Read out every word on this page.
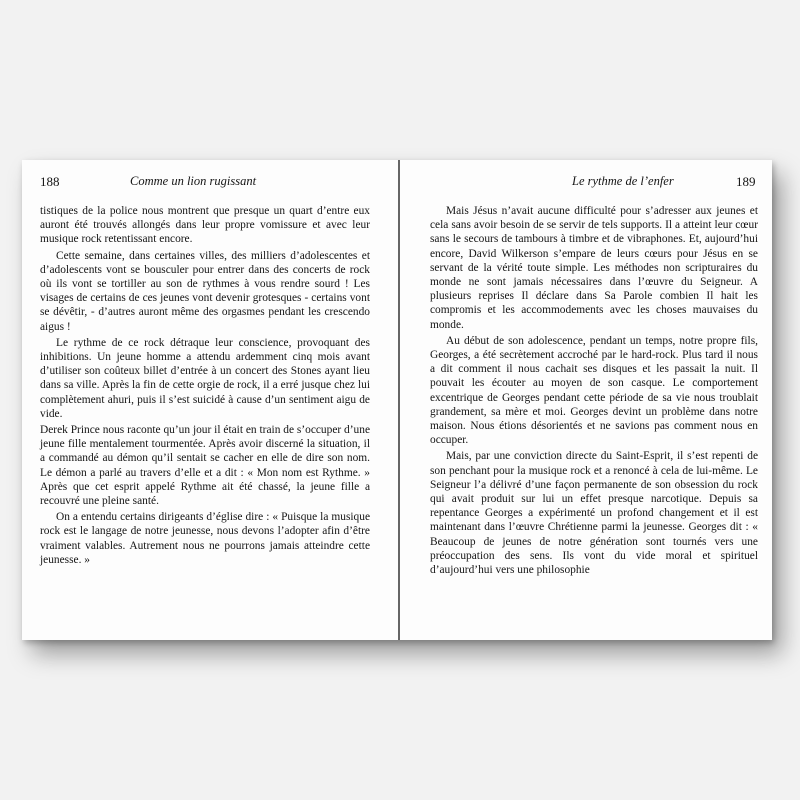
188	Comme un lion rugissant

tistiques de la police nous montrent que presque un quart d’entre eux auront été trouvés allongés dans leur propre vomissure et avec leur musique rock retentissant encore.

Cette semaine, dans certaines villes, des milliers d’adolescentes et d’adolescents vont se bousculer pour entrer dans des concerts de rock où ils vont se tortiller au son de rythmes à vous rendre sourd ! Les visages de certains de ces jeunes vont devenir grotesques - certains vont se dévêtir, - d’autres auront même des orgasmes pendant les crescendo aigus !

Le rythme de ce rock détraque leur conscience, provoquant des inhibitions. Un jeune homme a attendu ardemment cinq mois avant d’utiliser son coûteux billet d’entrée à un concert des Stones ayant lieu dans sa ville. Après la fin de cette orgie de rock, il a erré jusque chez lui complètement ahuri, puis il s’est suicidé à cause d’un sentiment aigu de vide.

Derek Prince nous raconte qu’un jour il était en train de s’occuper d’une jeune fille mentalement tourmentée. Après avoir discerné la situation, il a commandé au démon qu’il sentait se cacher en elle de dire son nom. Le démon a parlé au travers d’elle et a dit : « Mon nom est Rythme. » Après que cet esprit appelé Rythme ait été chassé, la jeune fille a recouvré une pleine santé.

On a entendu certains dirigeants d’église dire : « Puisque la musique rock est le langage de notre jeunesse, nous devons l’adopter afin d’être vraiment valables. Autrement nous ne pourrons jamais atteindre cette jeunesse. »

Le rythme de l’enfer	189

Mais Jésus n’avait aucune difficulté pour s’adresser aux jeunes et cela sans avoir besoin de se servir de tels supports. Il a atteint leur cœur sans le secours de tambours à timbre et de vibraphones. Et, aujourd’hui encore, David Wilkerson s’empare de leurs cœurs pour Jésus en se servant de la vérité toute simple. Les méthodes non scripturaires du monde ne sont jamais nécessaires dans l’œuvre du Seigneur. A plusieurs reprises Il déclare dans Sa Parole combien Il hait les compromis et les accommodements avec les choses mauvaises du monde.

Au début de son adolescence, pendant un temps, notre propre fils, Georges, a été secrètement accroché par le hard-rock. Plus tard il nous a dit comment il nous cachait ses disques et les passait la nuit. Il pouvait les écouter au moyen de son casque. Le comportement excentrique de Georges pendant cette période de sa vie nous troublait grandement, sa mère et moi. Georges devint un problème dans notre maison. Nous étions désorientés et ne savions pas comment nous en occuper.

Mais, par une conviction directe du Saint-Esprit, il s’est repenti de son penchant pour la musique rock et a renoncé à cela de lui-même. Le Seigneur l’a délivré d’une façon permanente de son obsession du rock qui avait produit sur lui un effet presque narcotique. Depuis sa repentance Georges a expérimenté un profond changement et il est maintenant dans l’œuvre Chrétienne parmi la jeunesse. Georges dit : « Beaucoup de jeunes de notre génération sont tournés vers une préoccupation des sens. Ils vont du vide moral et spirituel d’aujourd’hui vers une philosophie
